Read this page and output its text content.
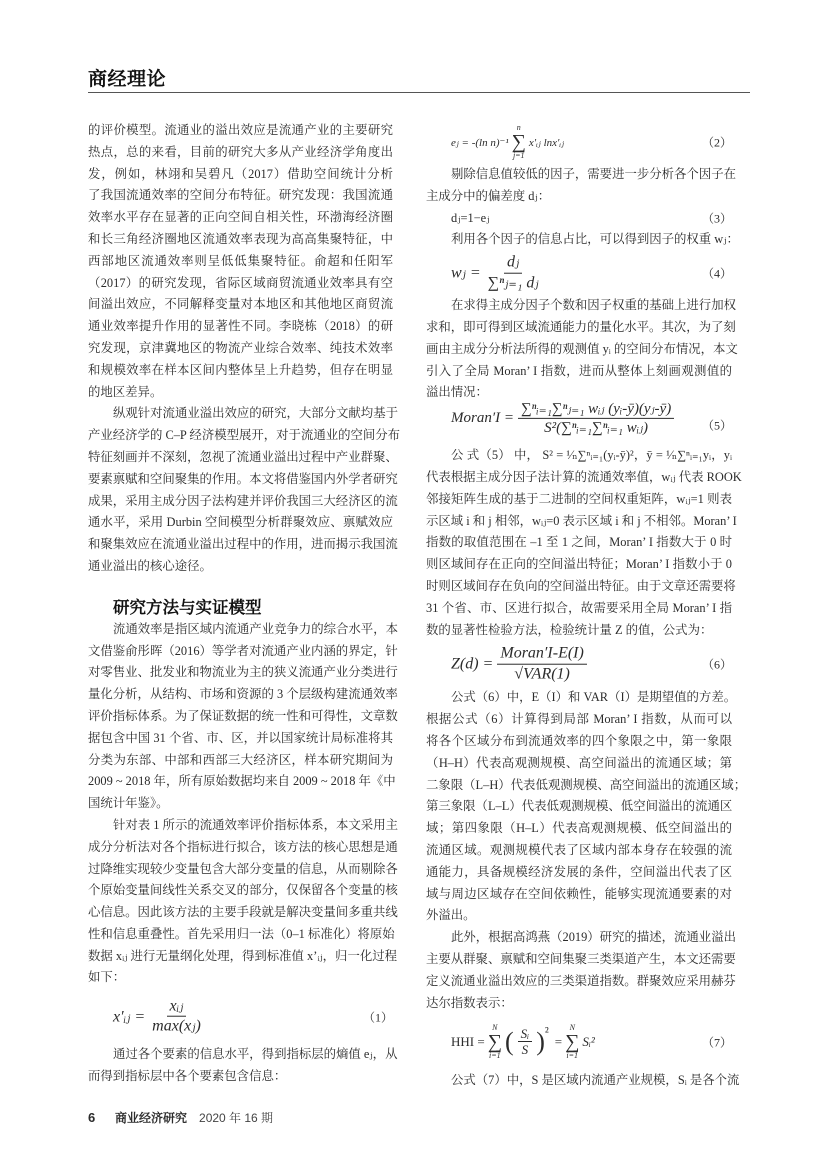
商经理论
的评价模型。流通业的溢出效应是流通产业的主要研究
热点，总的来看，目前的研究大多从产业经济学角度出
发，例如，林翊和吴碧凡（2017）借助空间统计分析
了我国流通效率的空间分布特征。研究发现：我国流通
效率水平存在显著的正向空间自相关性，环渤海经济圈
和长三角经济圈地区流通效率表现为高高集聚特征，中
西部地区流通效率则呈低低集聚特征。俞超和任阳军
（2017）的研究发现，省际区域商贸流通业效率具有空
间溢出效应，不同解释变量对本地区和其他地区商贸流
通业效率提升作用的显著性不同。李晓栋（2018）的研
究发现，京津冀地区的物流产业综合效率、纯技术效率
和规模效率在样本区间内整体呈上升趋势，但存在明显
的地区差异。
纵观针对流通业溢出效应的研究，大部分文献均基于
产业经济学的 C–P 经济模型展开，对于流通业的空间分布
特征刻画并不深刻，忽视了流通业溢出过程中产业群聚、
要素禀赋和空间聚集的作用。本文将借鉴国内外学者研究
成果，采用主成分因子法构建并评价我国三大经济区的流
通水平，采用 Durbin 空间模型分析群聚效应、禀赋效应
和聚集效应在流通业溢出过程中的作用，进而揭示我国流
通业溢出的核心途径。
研究方法与实证模型
流通效率是指区域内流通产业竞争力的综合水平，本
文借鉴俞彤晖（2016）等学者对流通产业内涵的界定，针
对零售业、批发业和物流业为主的狭义流通产业分类进行
量化分析，从结构、市场和资源的 3 个层级构建流通效率
评价指标体系。为了保证数据的统一性和可得性，文章数
据包含中国 31 个省、市、区，并以国家统计局标准将其
分类为东部、中部和西部三大经济区，样本研究期间为
2009 ~ 2018 年，所有原始数据均来自 2009 ~ 2018 年《中
国统计年鉴》。
针对表 1 所示的流通效率评价指标体系，本文采用主
成分分析法对各个指标进行拟合，该方法的核心思想是通
过降维实现较少变量包含大部分变量的信息，从而剔除各
个原始变量间线性关系交叉的部分，仅保留各个变量的核
心信息。因此该方法的主要手段就是解决变量间多重共线
性和信息重叠性。首先采用归一法（0–1 标准化）将原始
数据 xᵢⱼ 进行无量纲化处理，得到标准值 x’ᵢⱼ，归一化过程
如下：
x′ᵢⱼ = $\frac{\text{xᵢⱼ}}{\text{max(xⱼ)}}$	（1）
通过各个要素的信息水平，得到指标层的熵值 eⱼ，从
而得到指标层中各个要素包含信息：
eⱼ = -(ln n)⁻¹
n
∑
j=1
x′ᵢⱼ lnx′ᵢⱼ	（2）
剔除信息值较低的因子，需要进一步分析各个因子在
主成分中的偏差度 dⱼ：
dⱼ=1−eⱼ	（3）
利用各个因子的信息占比，可以得到因子的权重 wⱼ：
wⱼ = $\frac{\text{dⱼ}}{\text{∑ⁿⱼ₌₁ dⱼ}}$	（4）
在求得主成分因子个数和因子权重的基础上进行加权
求和，即可得到区域流通能力的量化水平。其次，为了刻
画由主成分分析法所得的观测值 yᵢ 的空间分布情况，本文
引入了全局 Moran’ I 指数，进而从整体上刻画观测值的
溢出情况：
Moran′I = $\frac{\text{∑ⁿᵢ₌₁∑ⁿⱼ₌₁ wᵢⱼ (yᵢ-ȳ)(yⱼ-ȳ)}}{\text{S²(∑ⁿᵢ₌₁∑ⁿᵢ₌₁ wᵢⱼ)}} (5)$
公 式（5） 中， S² = ¹⁄ₙ∑ⁿᵢ₌₁(yᵢ-ȳ)²，ȳ = ¹⁄ₙ∑ⁿᵢ₌₁yᵢ，yᵢ
代表根据主成分因子法计算的流通效率值，wᵢⱼ 代表 ROOK
邻接矩阵生成的基于二进制的空间权重矩阵，wᵢⱼ=1 则表
示区域 i 和 j 相邻，wᵢⱼ=0 表示区域 i 和 j 不相邻。Moran’ I
指数的取值范围在 –1 至 1 之间，Moran’ I 指数大于 0 时
则区域间存在正向的空间溢出特征；Moran’ I 指数小于 0
时则区域间存在负向的空间溢出特征。由于文章还需要将
31 个省、市、区进行拟合，故需要采用全局 Moran’ I 指
数的显著性检验方法，检验统计量 Z 的值，公式为：
$Z(d) = \frac{\text{Moran′I-E(I)}}{\text{√VAR(1)}}$	（6）
公式（6）中，E（I）和 VAR（I）是期望值的方差。
根据公式（6）计算得到局部 Moran’ I 指数，从而可以
将各个区域分布到流通效率的四个象限之中，第一象限
（H–H）代表高观测规模、高空间溢出的流通区域；第
二象限（L–H）代表低观测规模、高空间溢出的流通区域；
第三象限（L–L）代表低观测规模、低空间溢出的流通区
域；第四象限（H–L）代表高观测规模、低空间溢出的
流通区域。观测规模代表了区域内部本身存在较强的流
通能力，具备规模经济发展的条件，空间溢出代表了区
域与周边区域存在空间依赖性，能够实现流通要素的对
外溢出。
此外，根据高鸿燕（2019）研究的描述，流通业溢出
主要从群聚、禀赋和空间集聚三类渠道产生，本文还需要
定义流通业溢出效应的三类渠道指数。群聚效应采用赫芬
达尔指数表示：
HHI =
N
∑
i=1 ( $\frac{\text{Sᵢ}}{S}$ ) ²
=
N
∑
i=1
Sᵢ²	（7）
公式（7）中，S 是区域内流通产业规模，Sᵢ 是各个流
6	商业经济研究 2020 年 16 期
